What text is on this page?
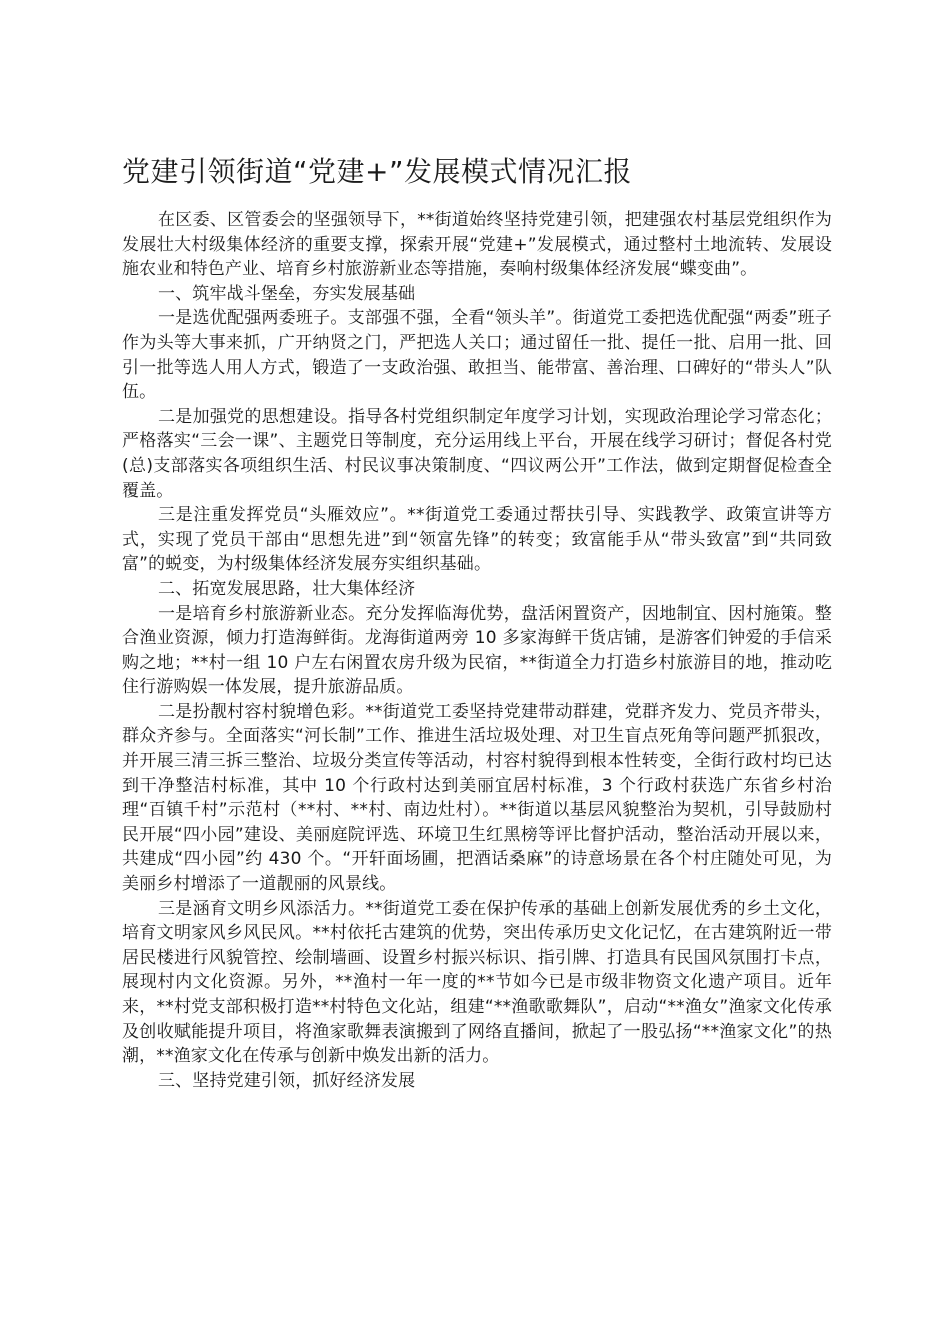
党建引领街道“党建+”发展模式情况汇报

在区委、区管委会的坚强领导下，**街道始终坚持党建引领，把建强农村基层党组织作为发展壮大村级集体经济的重要支撑，探索开展“党建+”发展模式，通过整村土地流转、发展设施农业和特色产业、培育乡村旅游新业态等措施，奏响村级集体经济发展“蝶变曲”。

一、筑牢战斗堡垒，夯实发展基础

一是选优配强两委班子。支部强不强，全看“领头羊”。街道党工委把选优配强“两委”班子作为头等大事来抓，广开纳贤之门，严把选人关口；通过留任一批、提任一批、启用一批、回引一批等选人用人方式，锻造了一支政治强、敢担当、能带富、善治理、口碑好的“带头人”队伍。

二是加强党的思想建设。指导各村党组织制定年度学习计划，实现政治理论学习常态化；严格落实“三会一课”、主题党日等制度，充分运用线上平台，开展在线学习研讨；督促各村党(总)支部落实各项组织生活、村民议事决策制度、“四议两公开”工作法，做到定期督促检查全覆盖。

三是注重发挥党员“头雁效应”。**街道党工委通过帮扶引导、实践教学、政策宣讲等方式，实现了党员干部由“思想先进”到“领富先锋”的转变；致富能手从“带头致富”到“共同致富”的蜕变，为村级集体经济发展夯实组织基础。

二、拓宽发展思路，壮大集体经济

一是培育乡村旅游新业态。充分发挥临海优势，盘活闲置资产，因地制宜、因村施策。整合渔业资源，倾力打造海鲜街。龙海街道两旁 10 多家海鲜干货店铺，是游客们钟爱的手信采购之地；**村一组 10 户左右闲置农房升级为民宿，**街道全力打造乡村旅游目的地，推动吃住行游购娱一体发展，提升旅游品质。

二是扮靓村容村貌增色彩。**街道党工委坚持党建带动群建，党群齐发力、党员齐带头，群众齐参与。全面落实“河长制”工作、推进生活垃圾处理、对卫生盲点死角等问题严抓狠改，并开展三清三拆三整治、垃圾分类宣传等活动，村容村貌得到根本性转变，全街行政村均已达到干净整洁村标准，其中 10 个行政村达到美丽宜居村标准，3 个行政村获选广东省乡村治理“百镇千村”示范村（**村、**村、南边灶村）。**街道以基层风貌整治为契机，引导鼓励村民开展“四小园”建设、美丽庭院评选、环境卫生红黑榜等评比督护活动，整治活动开展以来，共建成“四小园”约 430 个。“开轩面场圃，把酒话桑麻”的诗意场景在各个村庄随处可见，为美丽乡村增添了一道靓丽的风景线。

三是涵育文明乡风添活力。**街道党工委在保护传承的基础上创新发展优秀的乡土文化，培育文明家风乡风民风。**村依托古建筑的优势，突出传承历史文化记忆，在古建筑附近一带居民楼进行风貌管控、绘制墙画、设置乡村振兴标识、指引牌、打造具有民国风氛围打卡点，展现村内文化资源。另外，**渔村一年一度的**节如今已是市级非物资文化遗产项目。近年来，**村党支部积极打造**村特色文化站，组建“**渔歌歌舞队”，启动“**渔女”渔家文化传承及创收赋能提升项目，将渔家歌舞表演搬到了网络直播间，掀起了一股弘扬“**渔家文化”的热潮，**渔家文化在传承与创新中焕发出新的活力。

三、坚持党建引领，抓好经济发展
